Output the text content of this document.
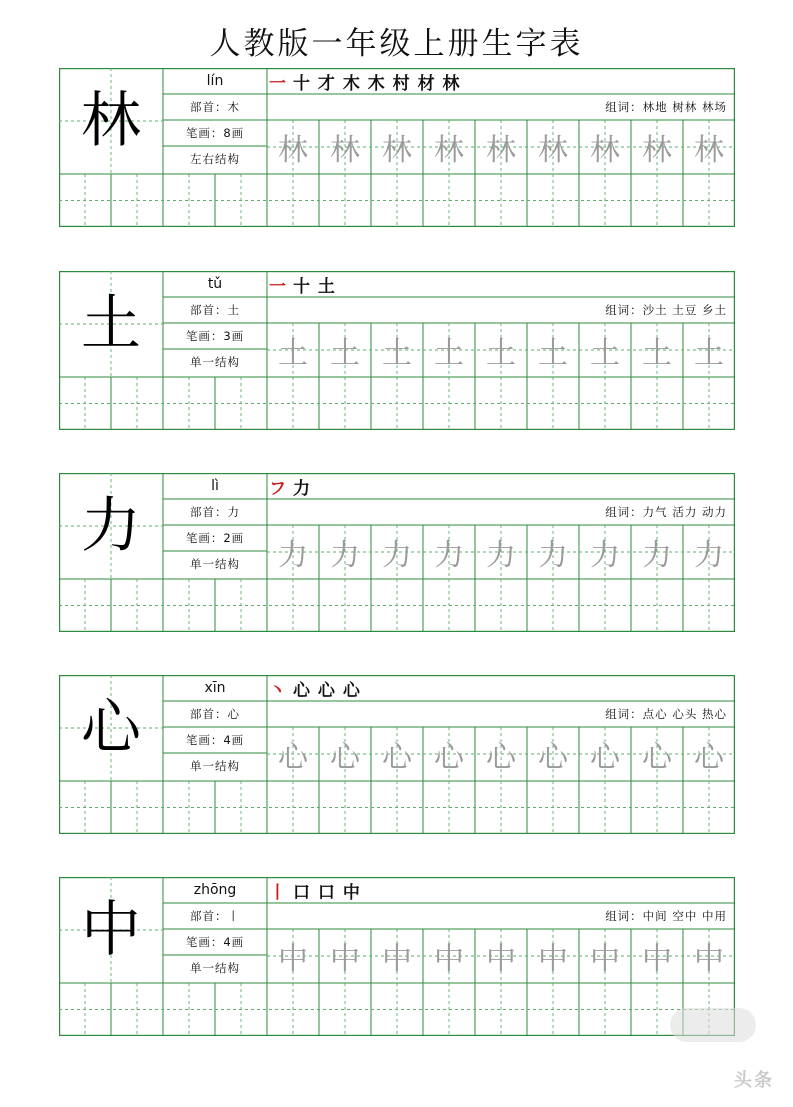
人教版一年级上册生字表
林
lín
部首：木
笔画：8画
左右结构
一 十 才 木 木 村 材 林
组词：林地 树林 林场
林 林 林 林 林 林 林 林 林
土
tǔ
部首：土
笔画：3画
单一结构
一 十 土
组词：沙土 土豆 乡土
土 土 土 土 土 土 土 土 土
力
lì
部首：力
笔画：2画
单一结构
フ 力
组词：力气 活力 动力
力 力 力 力 力 力 力 力 力
心
xīn
部首：心
笔画：4画
单一结构
丶 心 心 心
组词：点心 心头 热心
心 心 心 心 心 心 心 心 心
中
zhōng
部首：丨
笔画：4画
单一结构
丨 口 口 中
组词：中间 空中 中用
中 中 中 中 中 中 中 中 中
头条
